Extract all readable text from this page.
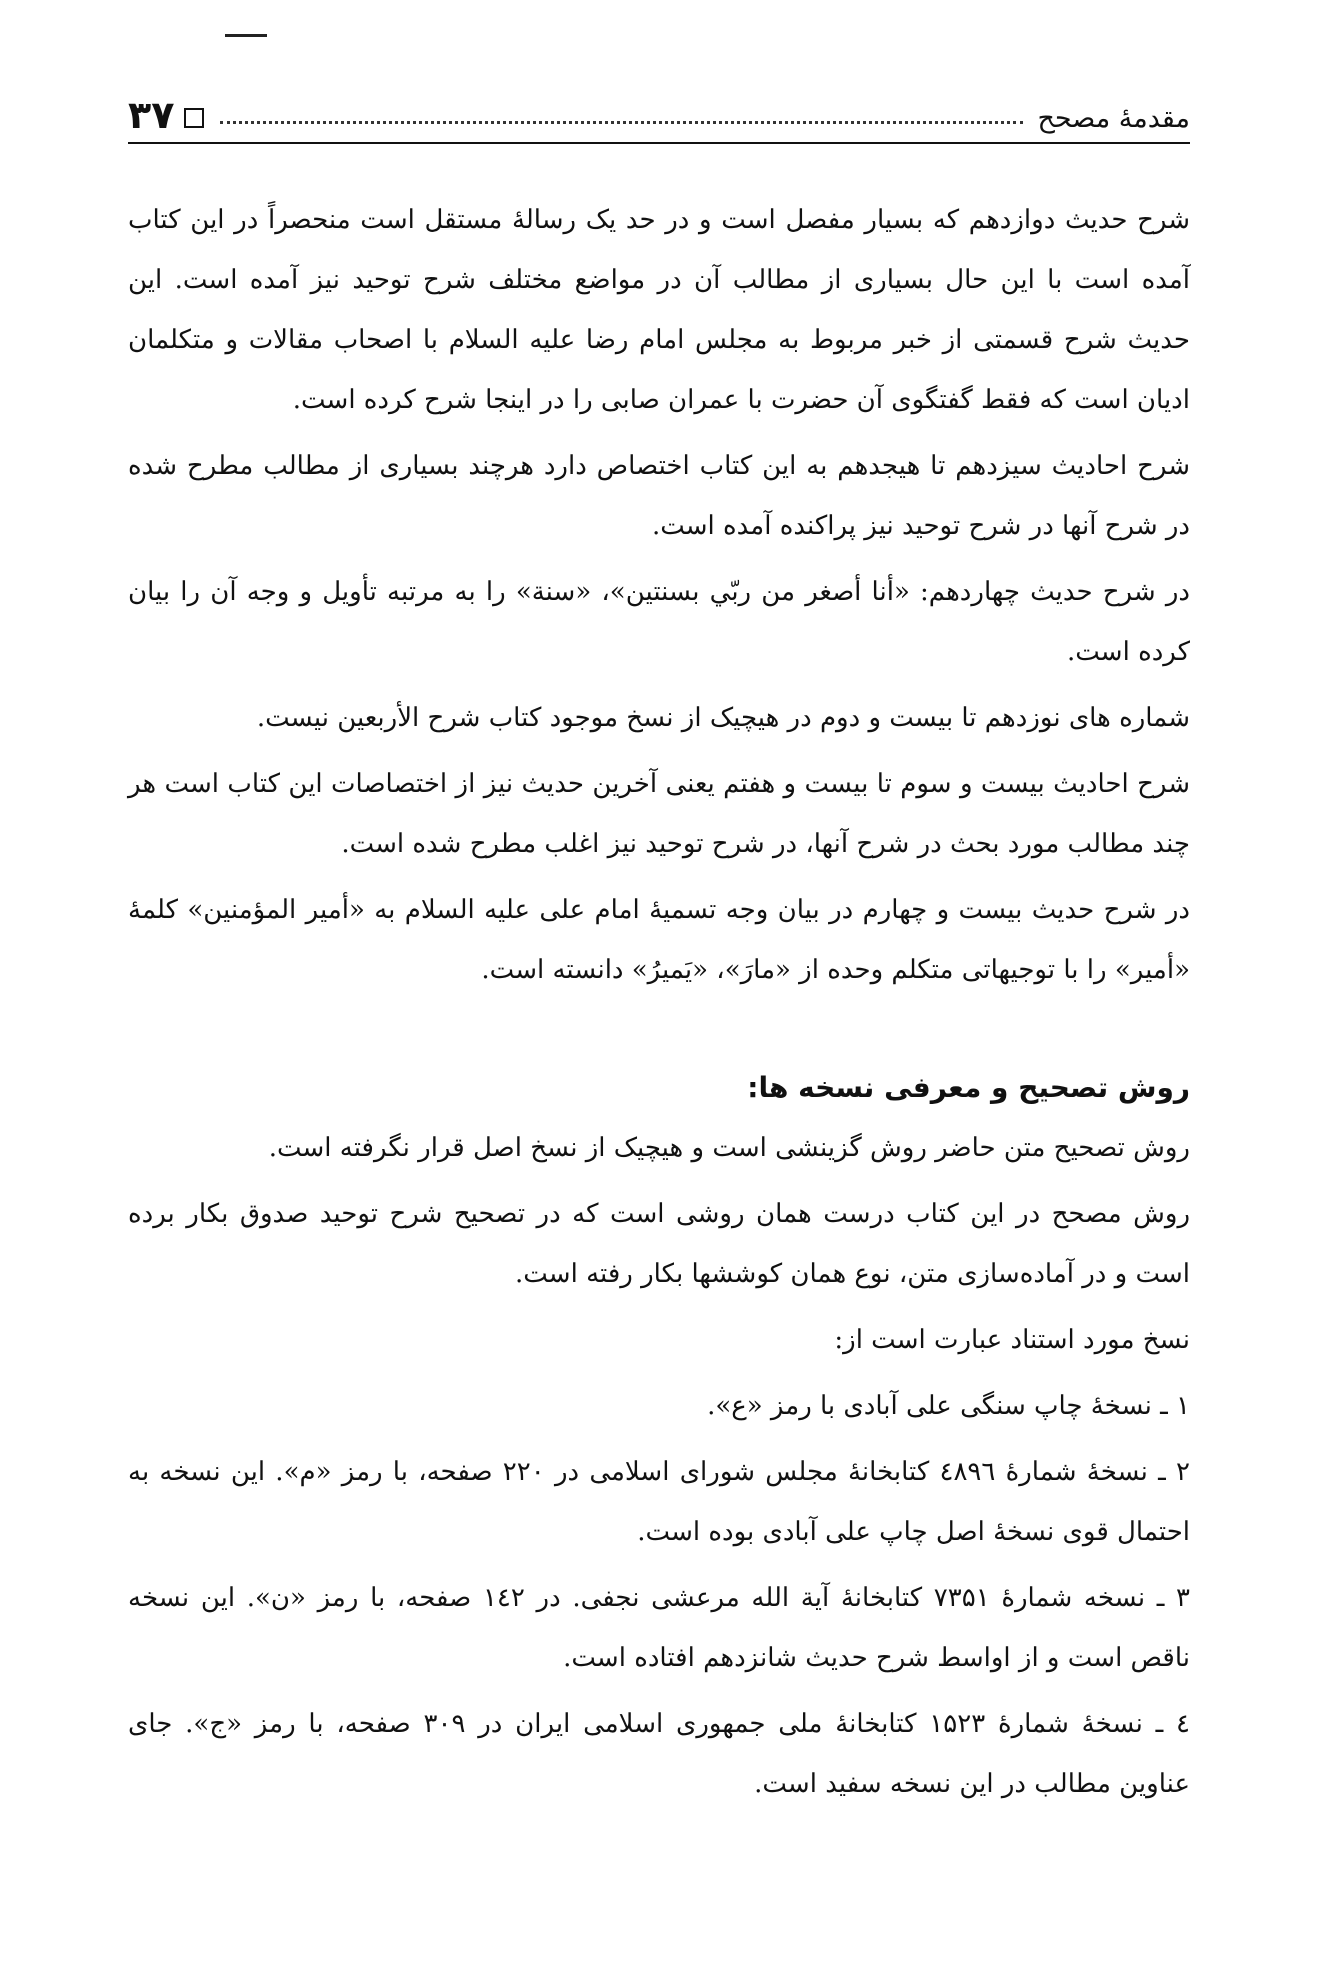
مقدمهٔ مصحح
۳۷

شرح حدیث دوازدهم که بسیار مفصل است و در حد یک رسالهٔ مستقل است منحصراً در این کتاب آمده است با این حال بسیاری از مطالب آن در مواضع مختلف شرح توحید نیز آمده است. این حدیث شرح قسمتی از خبر مربوط به مجلس امام رضا علیه السلام با اصحاب مقالات و متکلمان ادیان است که فقط گفتگوی آن حضرت با عمران صابی را در اینجا شرح کرده است.

شرح احادیث سیزدهم تا هیجدهم به این کتاب اختصاص دارد هرچند بسیاری از مطالب مطرح شده در شرح آنها در شرح توحید نیز پراکنده آمده است.

در شرح حدیث چهاردهم: «أنا أصغر من ربّي بسنتين»، «سنة» را به مرتبه تأویل و وجه آن را بیان کرده است.

شماره های نوزدهم تا بیست و دوم در هیچیک از نسخ موجود کتاب شرح الأربعین نیست.

شرح احادیث بیست و سوم تا بیست و هفتم یعنی آخرین حدیث نیز از اختصاصات این کتاب است هر چند مطالب مورد بحث در شرح آنها، در شرح توحید نیز اغلب مطرح شده است.

در شرح حدیث بیست و چهارم در بیان وجه تسمیهٔ امام علی علیه السلام به «أمیر المؤمنین» کلمهٔ «أمیر» را با توجیهاتی متکلم وحده از «مارَ»، «یَمیرُ» دانسته است.

روش تصحیح و معرفی نسخه ها:

روش تصحیح متن حاضر روش گزینشی است و هیچیک از نسخ اصل قرار نگرفته است.

روش مصحح در این کتاب درست همان روشی است که در تصحیح شرح توحید صدوق بکار برده است و در آماده‌سازی متن، نوع همان کوششها بکار رفته است.

نسخ مورد استناد عبارت است از:

۱ ـ نسخهٔ چاپ سنگی علی آبادی با رمز «ع».

۲ ـ نسخهٔ شمارهٔ ٤٨٩٦ کتابخانهٔ مجلس شورای اسلامی در ۲۲۰ صفحه، با رمز «م». این نسخه به احتمال قوی نسخهٔ اصل چاپ علی آبادی بوده است.

۳ ـ نسخه شمارهٔ ۷۳۵۱ کتابخانهٔ آیة الله مرعشی نجفی. در ۱٤۲ صفحه، با رمز «ن». این نسخه ناقص است و از اواسط شرح حدیث شانزدهم افتاده است.

٤ ـ نسخهٔ شمارهٔ ۱۵۲۳ کتابخانهٔ ملی جمهوری اسلامی ایران در ۳۰۹ صفحه، با رمز «ج». جای عناوین مطالب در این نسخه سفید است.
